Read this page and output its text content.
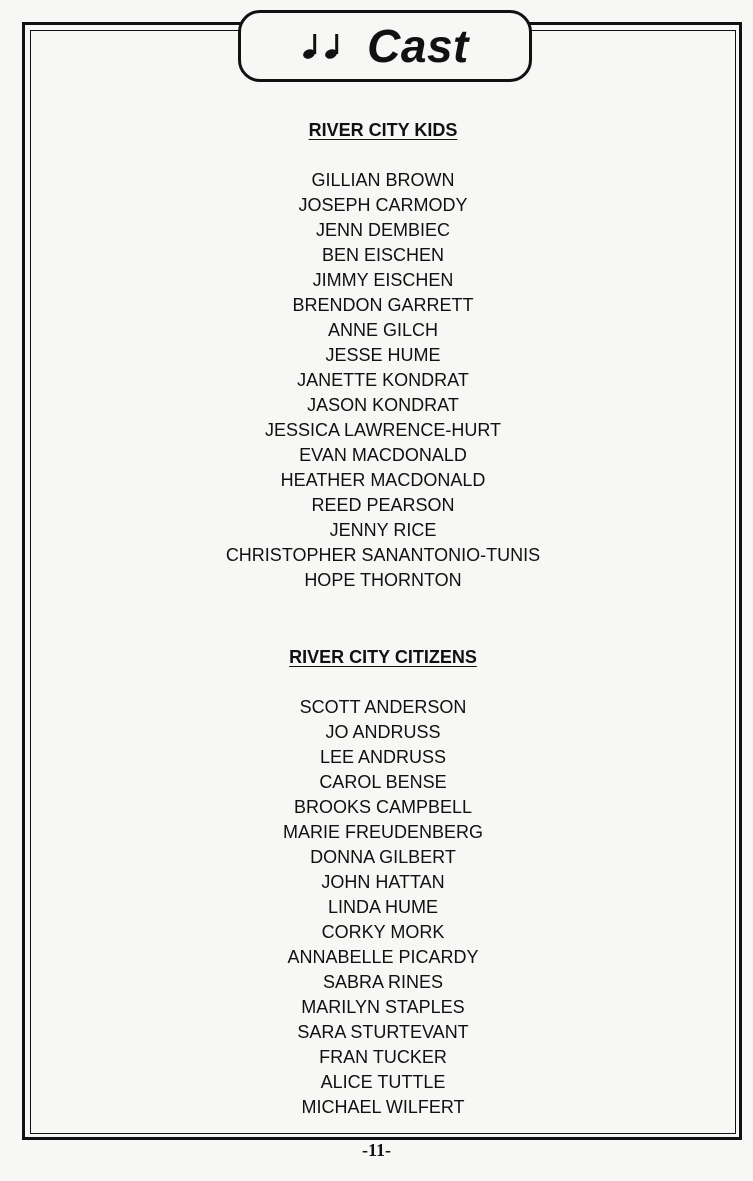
Cast
RIVER CITY KIDS
GILLIAN BROWN
JOSEPH CARMODY
JENN DEMBIEC
BEN EISCHEN
JIMMY EISCHEN
BRENDON GARRETT
ANNE GILCH
JESSE HUME
JANETTE KONDRAT
JASON KONDRAT
JESSICA LAWRENCE-HURT
EVAN MACDONALD
HEATHER MACDONALD
REED PEARSON
JENNY RICE
CHRISTOPHER SANANTONIO-TUNIS
HOPE THORNTON
RIVER CITY CITIZENS
SCOTT ANDERSON
JO ANDRUSS
LEE ANDRUSS
CAROL BENSE
BROOKS CAMPBELL
MARIE FREUDENBERG
DONNA GILBERT
JOHN HATTAN
LINDA HUME
CORKY MORK
ANNABELLE PICARDY
SABRA RINES
MARILYN STAPLES
SARA STURTEVANT
FRAN TUCKER
ALICE TUTTLE
MICHAEL WILFERT
-11-
